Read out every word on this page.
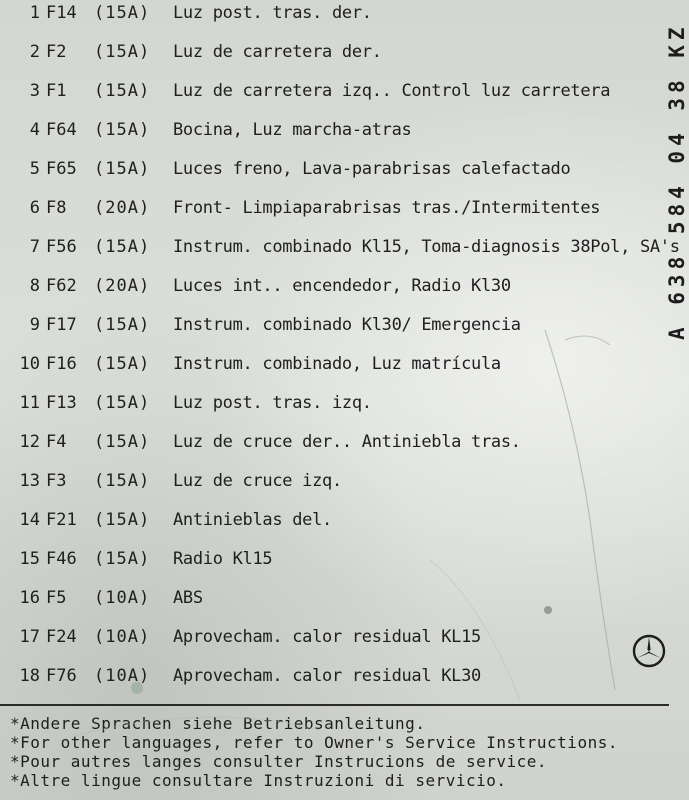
1 F14 (15A) Luz post. tras. der.
2 F2 (15A) Luz de carretera der.
3 F1 (15A) Luz de carretera izq.. Control luz carretera
4 F64 (15A) Bocina, Luz marcha-atras
5 F65 (15A) Luces freno, Lava-parabrisas calefactado
6 F8 (20A) Front- Limpiaparabrisas tras./Intermitentes
7 F56 (15A) Instrum. combinado Kl15, Toma-diagnosis 38Pol, SA's
8 F62 (20A) Luces int.. encendedor, Radio Kl30
9 F17 (15A) Instrum. combinado Kl30/ Emergencia
10 F16 (15A) Instrum. combinado, Luz matrícula
11 F13 (15A) Luz post. tras. izq.
12 F4 (15A) Luz de cruce der.. Antiniebla tras.
13 F3 (15A) Luz de cruce izq.
14 F21 (15A) Antinieblas del.
15 F46 (15A) Radio Kl15
16 F5 (10A) ABS
17 F24 (10A) Aprovecham. calor residual KL15
18 F76 (10A) Aprovecham. calor residual KL30
A 638 584 04 38 KZ
*Andere Sprachen siehe Betriebsanleitung.
*For other languages, refer to Owner's Service Instructions.
*Pour autres langes consulter Instrucions de service.
*Altre lingue consultare Instruzioni di servicio.
